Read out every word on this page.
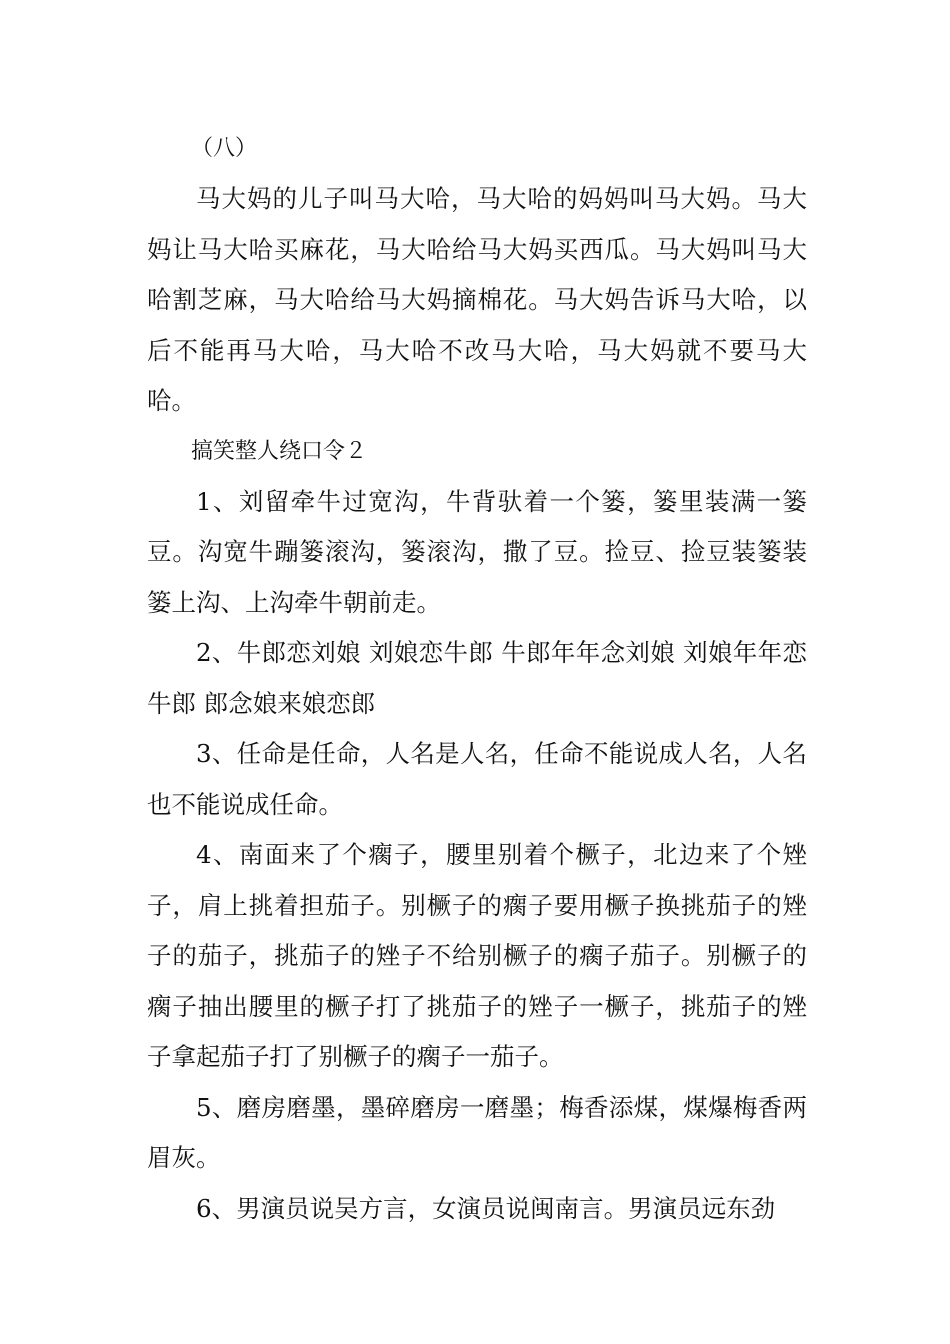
（八）

马大妈的儿子叫马大哈，马大哈的妈妈叫马大妈。马大妈让马大哈买麻花，马大哈给马大妈买西瓜。马大妈叫马大哈割芝麻，马大哈给马大妈摘棉花。马大妈告诉马大哈，以后不能再马大哈，马大哈不改马大哈，马大妈就不要马大哈。

搞笑整人绕口令２

1、刘留牵牛过宽沟，牛背驮着一个篓，篓里装满一篓豆。沟宽牛蹦篓滚沟，篓滚沟，撒了豆。捡豆、捡豆装篓装篓上沟、上沟牵牛朝前走。

2、牛郎恋刘娘 刘娘恋牛郎 牛郎年年念刘娘 刘娘年年恋牛郎 郎念娘来娘恋郎

3、任命是任命，人名是人名，任命不能说成人名，人名也不能说成任命。

4、南面来了个瘸子，腰里别着个橛子，北边来了个矬子，肩上挑着担茄子。别橛子的瘸子要用橛子换挑茄子的矬子的茄子，挑茄子的矬子不给别橛子的瘸子茄子。别橛子的瘸子抽出腰里的橛子打了挑茄子的矬子一橛子，挑茄子的矬子拿起茄子打了别橛子的瘸子一茄子。

5、磨房磨墨，墨碎磨房一磨墨；梅香添煤，煤爆梅香两眉灰。

6、男演员说吴方言，女演员说闽南言。男演员远东劲
